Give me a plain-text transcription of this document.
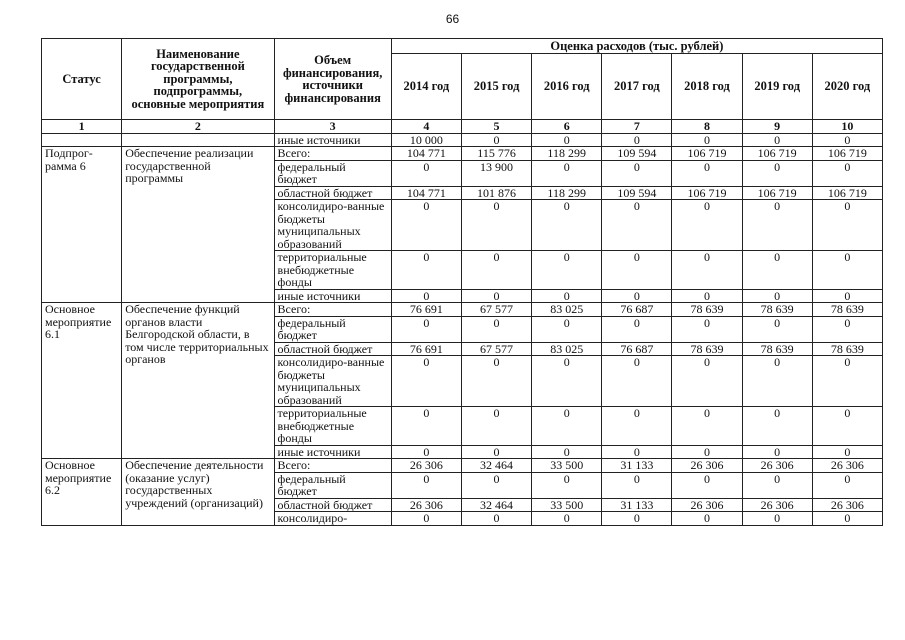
66
Статус	Наименование государственной программы, подпрограммы, основные мероприятия	Объем финансирования, источники финансирования	Оценка расходов (тыс. рублей)						
			2014 год	2015 год	2016 год	2017 год	2018 год	2019 год	2020 год
1	2	3	4	5	6	7	8	9	10
		иные источники	10 000	0	0	0	0	0	0
Подпрог-рамма 6	Обеспечение реализации государственной программы	Всего:	104 771	115 776	118 299	109 594	106 719	106 719	106 719
		федеральный бюджет	0	13 900	0	0	0	0	0
		областной бюджет	104 771	101 876	118 299	109 594	106 719	106 719	106 719
		консолидиро-ванные бюджеты муниципальных образований	0	0	0	0	0	0	0
		территориальные внебюджетные фонды	0	0	0	0	0	0	0
		иные источники	0	0	0	0	0	0	0
Основное мероприятие 6.1	Обеспечение функций органов власти Белгородской области, в том числе территориальных органов	Всего:	76 691	67 577	83 025	76 687	78 639	78 639	78 639
		федеральный бюджет	0	0	0	0	0	0	0
		областной бюджет	76 691	67 577	83 025	76 687	78 639	78 639	78 639
		консолидиро-ванные бюджеты муниципальных образований	0	0	0	0	0	0	0
		территориальные внебюджетные фонды	0	0	0	0	0	0	0
		иные источники	0	0	0	0	0	0	0
Основное мероприятие 6.2	Обеспечение деятельности (оказание услуг) государственных учреждений (организаций)	Всего:	26 306	32 464	33 500	31 133	26 306	26 306	26 306
		федеральный бюджет	0	0	0	0	0	0	0
		областной бюджет	26 306	32 464	33 500	31 133	26 306	26 306	26 306
		консолидиро-	0	0	0	0	0	0	0
